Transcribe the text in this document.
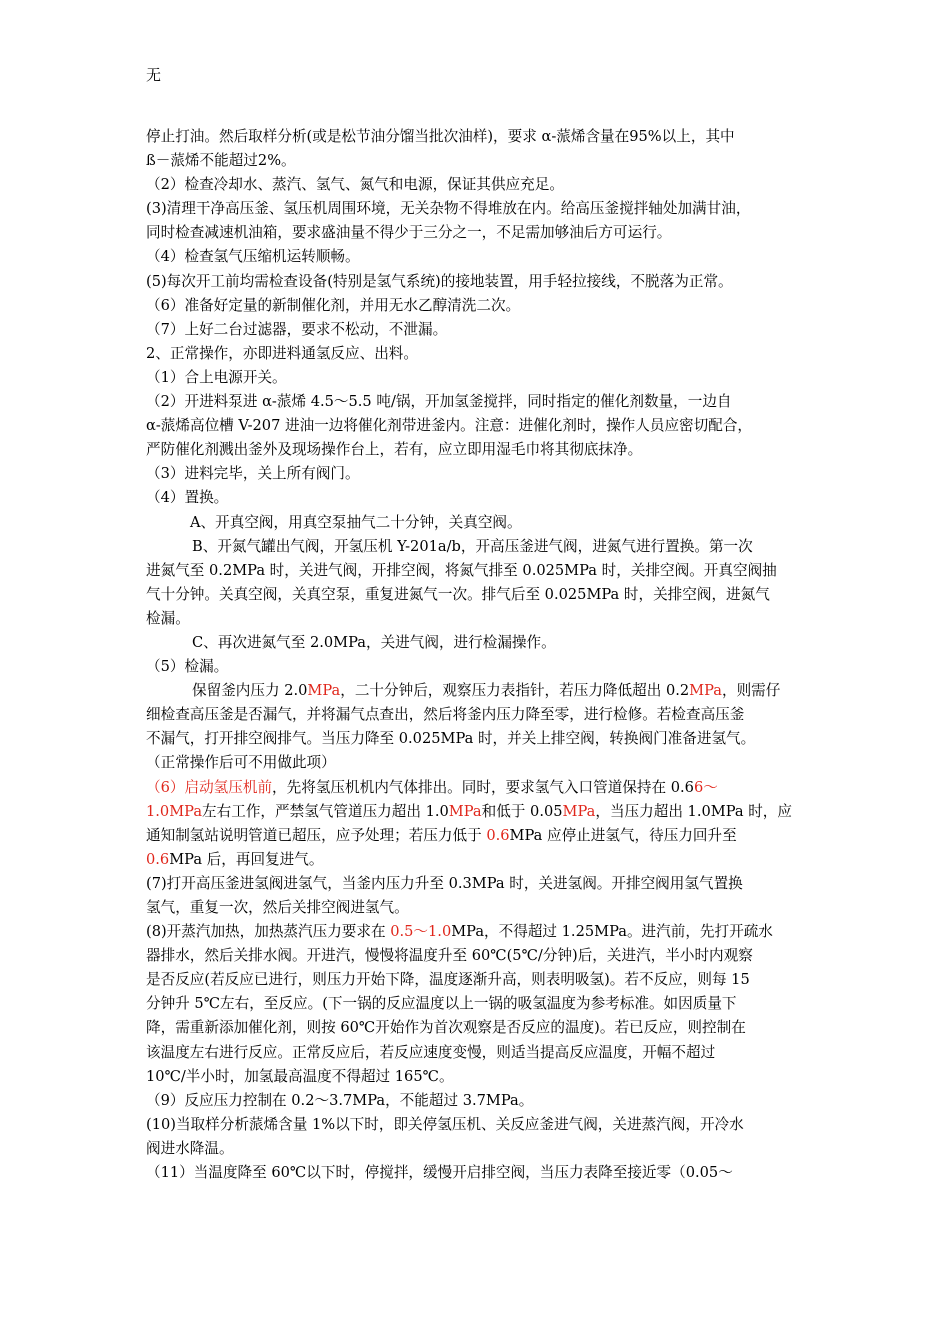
无

停止打油。然后取样分析(或是松节油分馏当批次油样)，要求 α-蒎烯含量在95%以上，其中

ß－蒎烯不能超过2%。

（2）检查冷却水、蒸汽、氢气、氮气和电源，保证其供应充足。

(3)清理干净高压釜、氢压机周围环境，无关杂物不得堆放在内。给高压釜搅拌轴处加满甘油，

同时检查减速机油箱，要求盛油量不得少于三分之一，不足需加够油后方可运行。

（4）检查氢气压缩机运转顺畅。

(5)每次开工前均需检查设备(特别是氢气系统)的接地装置，用手轻拉接线，不脱落为正常。

（6）准备好定量的新制催化剂，并用无水乙醇清洗二次。

（7）上好二台过滤器，要求不松动，不泄漏。

2、正常操作，亦即进料通氢反应、出料。

（1）合上电源开关。

（2）开进料泵进 α-蒎烯 4.5～5.5 吨/锅，开加氢釜搅拌，同时指定的催化剂数量，一边自

α-蒎烯高位槽 V-207 进油一边将催化剂带进釜内。注意：进催化剂时，操作人员应密切配合，

严防催化剂溅出釜外及现场操作台上，若有，应立即用湿毛巾将其彻底抹净。

（3）进料完毕，关上所有阀门。

（4）置换。

A、开真空阀，用真空泵抽气二十分钟，关真空阀。

B、开氮气罐出气阀，开氢压机 Y-201a/b，开高压釜进气阀，进氮气进行置换。第一次

进氮气至 0.2MPa 时，关进气阀，开排空阀，将氮气排至 0.025MPa 时，关排空阀。开真空阀抽

气十分钟。关真空阀，关真空泵，重复进氮气一次。排气后至 0.025MPa 时，关排空阀，进氮气

检漏。

C、再次进氮气至 2.0MPa，关进气阀，进行检漏操作。

（5）检漏。

保留釜内压力 2.0MPa，二十分钟后，观察压力表指针，若压力降低超出 0.2MPa，则需仔

细检查高压釜是否漏气，并将漏气点查出，然后将釜内压力降至零，进行检修。若检查高压釜

不漏气，打开排空阀排气。当压力降至 0.025MPa 时，并关上排空阀，转换阀门准备进氢气。

（正常操作后可不用做此项）

（6）启动氢压机前，先将氢压机机内气体排出。同时，要求氢气入口管道保持在 0.66～

1.0MPa左右工作，严禁氢气管道压力超出 1.0MPa和低于 0.05MPa，当压力超出 1.0MPa 时，应

通知制氢站说明管道已超压，应予处理；若压力低于 0.6MPa 应停止进氢气，待压力回升至

0.6MPa 后，再回复进气。

(7)打开高压釜进氢阀进氢气，当釜内压力升至 0.3MPa 时，关进氢阀。开排空阀用氢气置换

氢气，重复一次，然后关排空阀进氢气。

(8)开蒸汽加热，加热蒸汽压力要求在 0.5～1.0MPa，不得超过 1.25MPa。进汽前，先打开疏水

器排水，然后关排水阀。开进汽，慢慢将温度升至 60℃(5℃/分钟)后，关进汽，半小时内观察

是否反应(若反应已进行，则压力开始下降，温度逐渐升高，则表明吸氢)。若不反应，则每 15

分钟升 5℃左右，至反应。(下一锅的反应温度以上一锅的吸氢温度为参考标准。如因质量下

降，需重新添加催化剂，则按 60℃开始作为首次观察是否反应的温度)。若已反应，则控制在

该温度左右进行反应。正常反应后，若反应速度变慢，则适当提高反应温度，开幅不超过

10℃/半小时，加氢最高温度不得超过 165℃。

（9）反应压力控制在 0.2～3.7MPa，不能超过 3.7MPa。

(10)当取样分析蒎烯含量 1%以下时，即关停氢压机、关反应釜进气阀，关进蒸汽阀，开冷水

阀进水降温。

（11）当温度降至 60℃以下时，停搅拌，缓慢开启排空阀，当压力表降至接近零（0.05～
